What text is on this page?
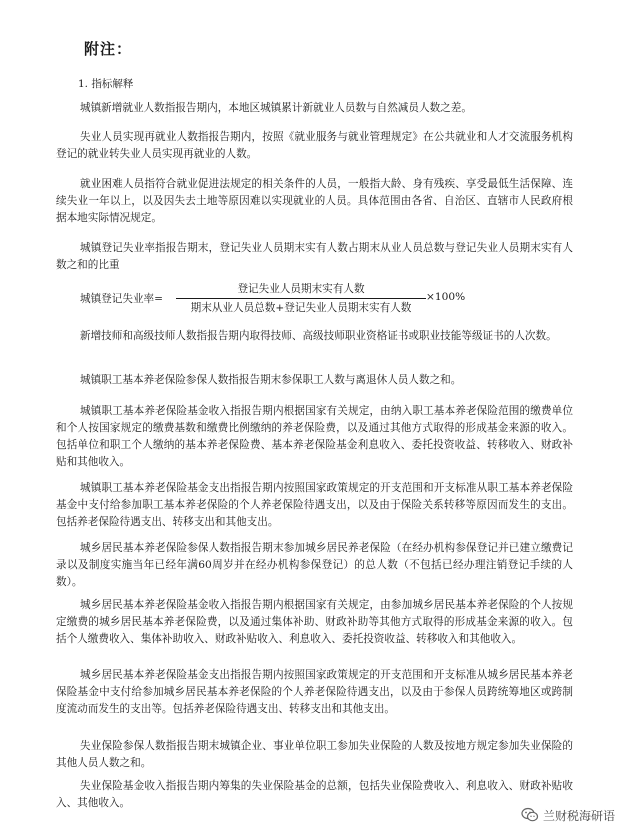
附注：
1. 指标解释

城镇新增就业人数指报告期内，本地区城镇累计新就业人员数与自然减员人数之差。

失业人员实现再就业人数指报告期内，按照《就业服务与就业管理规定》在公共就业和人才交流服务机构登记的就业转失业人员实现再就业的人数。

就业困难人员指符合就业促进法规定的相关条件的人员，一般指大龄、身有残疾、享受最低生活保障、连续失业一年以上，以及因失去土地等原因难以实现就业的人员。具体范围由各省、自治区、直辖市人民政府根据本地实际情况规定。

城镇登记失业率指报告期末，登记失业人员期末实有人数占期末从业人员总数与登记失业人员期末实有人数之和的比重

城镇登记失业率=
登记失业人员期末实有人数
期末从业人员总数+登记失业人员期末实有人数
×100%

新增技师和高级技师人数指报告期内取得技师、高级技师职业资格证书或职业技能等级证书的人次数。

城镇职工基本养老保险参保人数指报告期末参保职工人数与离退休人员人数之和。

城镇职工基本养老保险基金收入指报告期内根据国家有关规定，由纳入职工基本养老保险范围的缴费单位和个人按国家规定的缴费基数和缴费比例缴纳的养老保险费，以及通过其他方式取得的形成基金来源的收入。包括单位和职工个人缴纳的基本养老保险费、基本养老保险基金利息收入、委托投资收益、转移收入、财政补贴和其他收入。

城镇职工基本养老保险基金支出指报告期内按照国家政策规定的开支范围和开支标准从职工基本养老保险基金中支付给参加职工基本养老保险的个人养老保险待遇支出，以及由于保险关系转移等原因而发生的支出。包括养老保险待遇支出、转移支出和其他支出。

城乡居民基本养老保险参保人数指报告期末参加城乡居民养老保险（在经办机构参保登记并已建立缴费记录以及制度实施当年已经年满60周岁并在经办机构参保登记）的总人数（不包括已经办理注销登记手续的人数）。

城乡居民基本养老保险基金收入指报告期内根据国家有关规定，由参加城乡居民基本养老保险的个人按规定缴费的城乡居民基本养老保险费，以及通过集体补助、财政补助等其他方式取得的形成基金来源的收入。包括个人缴费收入、集体补助收入、财政补贴收入、利息收入、委托投资收益、转移收入和其他收入。

城乡居民基本养老保险基金支出指报告期内按照国家政策规定的开支范围和开支标准从城乡居民基本养老保险基金中支付给参加城乡居民基本养老保险的个人养老保险待遇支出，以及由于参保人员跨统筹地区或跨制度流动而发生的支出等。包括养老保险待遇支出、转移支出和其他支出。

失业保险参保人数指报告期末城镇企业、事业单位职工参加失业保险的人数及按地方规定参加失业保险的其他人员人数之和。

失业保险基金收入指报告期内筹集的失业保险基金的总额，包括失业保险费收入、利息收入、财政补贴收入、其他收入。

兰财税海研语
